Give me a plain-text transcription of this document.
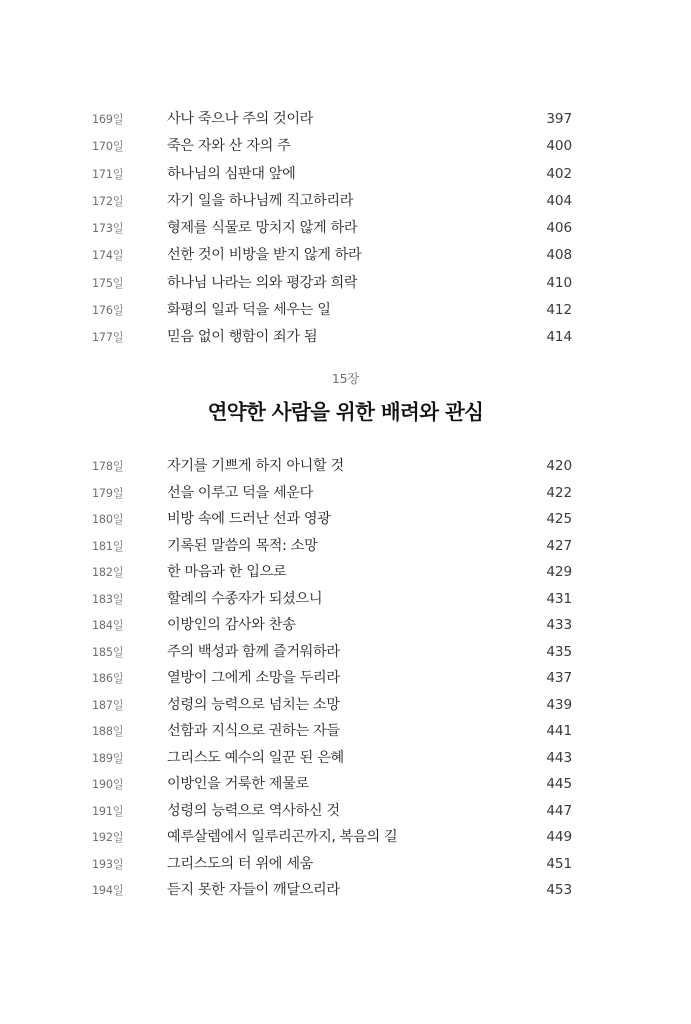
169일	사나 죽으나 주의 것이라	397
170일	죽은 자와 산 자의 주	400
171일	하나님의 심판대 앞에	402
172일	자기 일을 하나님께 직고하리라	404
173일	형제를 식물로 망치지 않게 하라	406
174일	선한 것이 비방을 받지 않게 하라	408
175일	하나님 나라는 의와 평강과 희락	410
176일	화평의 일과 덕을 세우는 일	412
177일	믿음 없이 행함이 죄가 됨	414
15장
연약한 사람을 위한 배려와 관심
178일	자기를 기쁘게 하지 아니할 것	420
179일	선을 이루고 덕을 세운다	422
180일	비방 속에 드러난 선과 영광	425
181일	기록된 말씀의 목적: 소망	427
182일	한 마음과 한 입으로	429
183일	할례의 수종자가 되셨으니	431
184일	이방인의 감사와 찬송	433
185일	주의 백성과 함께 즐거워하라	435
186일	열방이 그에게 소망을 두리라	437
187일	성령의 능력으로 넘치는 소망	439
188일	선함과 지식으로 권하는 자들	441
189일	그리스도 예수의 일꾼 된 은혜	443
190일	이방인을 거룩한 제물로	445
191일	성령의 능력으로 역사하신 것	447
192일	예루살렘에서 일루리곤까지, 복음의 길	449
193일	그리스도의 터 위에 세움	451
194일	듣지 못한 자들이 깨달으리라	453
